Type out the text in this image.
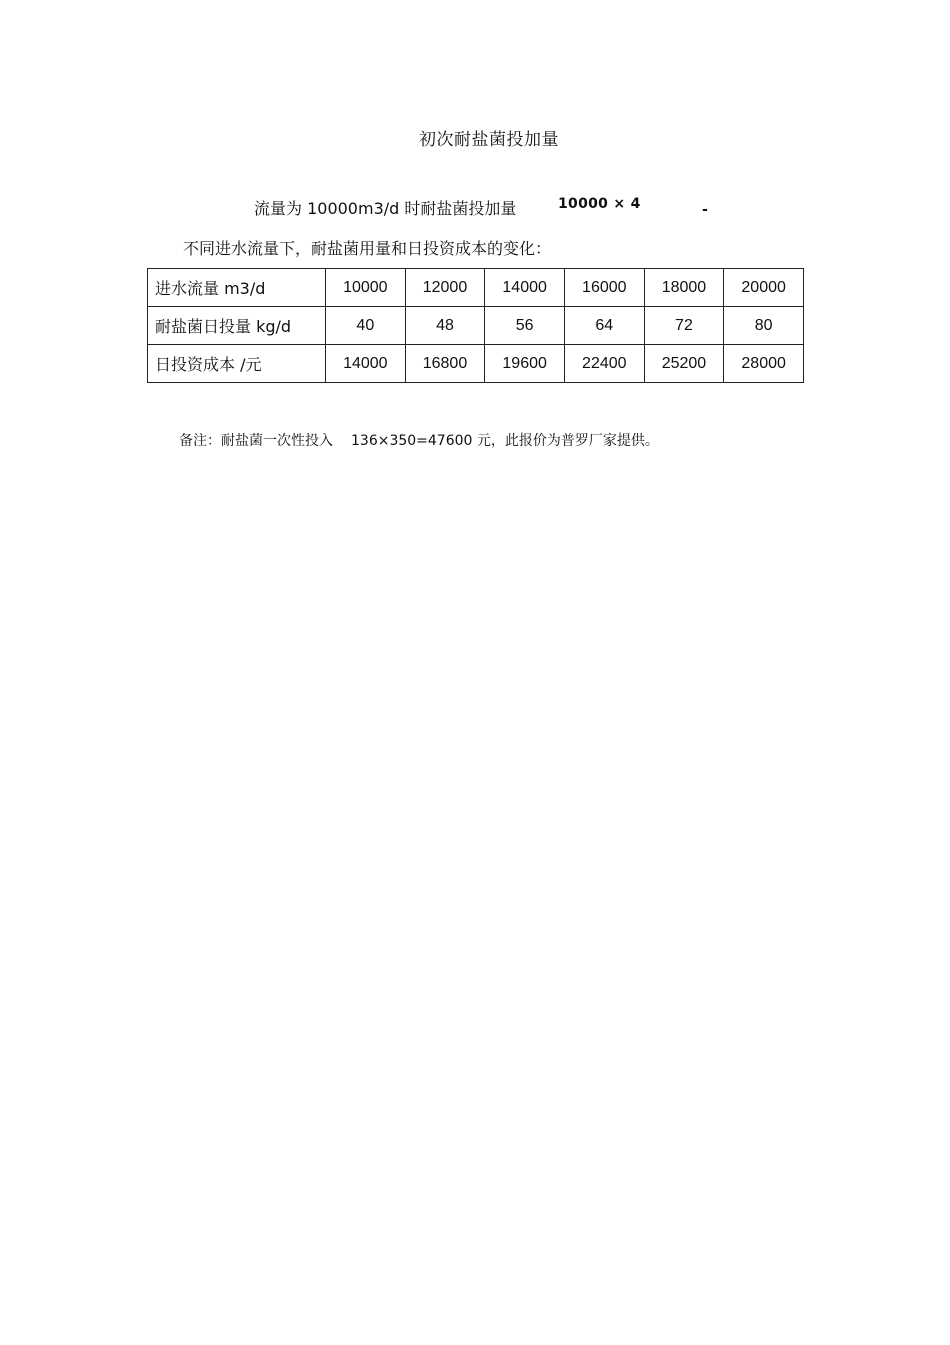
初次耐盐菌投加量
流量为 10000m3/d 时耐盐菌投加量	10000 × 4	-
不同进水流量下，耐盐菌用量和日投资成本的变化：
进水流量 m3/d	10000	12000	14000	16000	18000	20000
耐盐菌日投量 kg/d	40	48	56	64	72	80
日投资成本 /元	14000	16800	19600	22400	25200	28000
备注：耐盐菌一次性投入 136×350=47600 元，此报价为普罗厂家提供。
